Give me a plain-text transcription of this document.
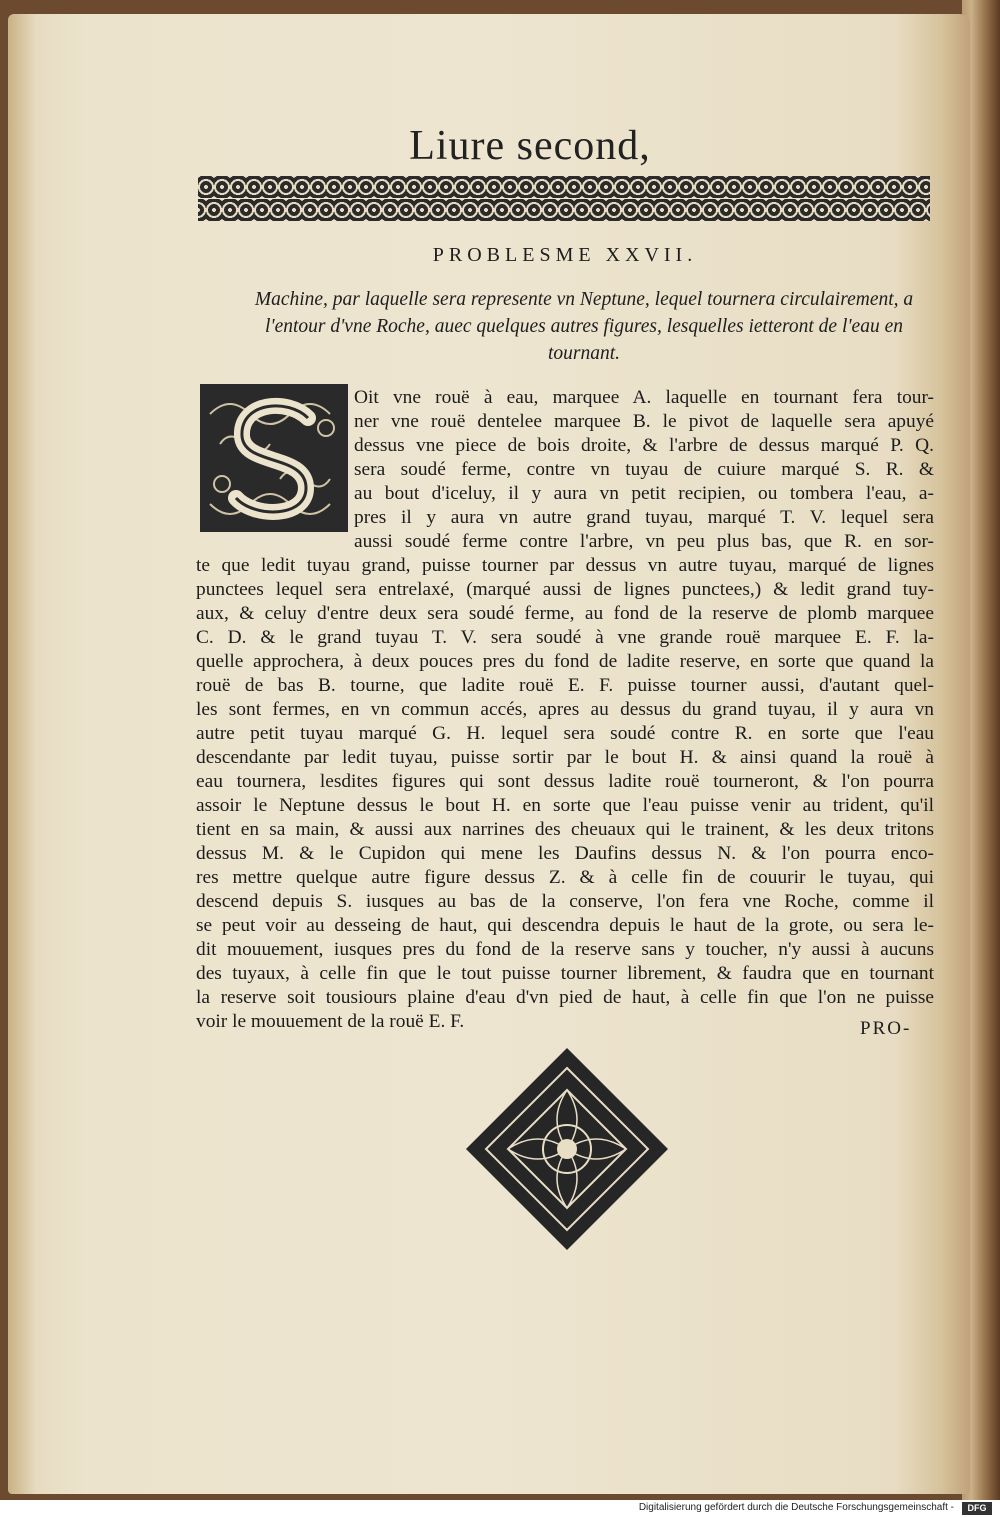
Liure second,
PROBLESME XXVII.
Machine, par laquelle sera represente vn Neptune, lequel tournera circulairement, a l'entour d'vne Roche, auec quelques autres figures, lesquelles ietteront de l'eau en tournant.
Oit vne rouë à eau, marquee A. laquelle en tournant fera tour-
ner vne rouë dentelee marquee B. le pivot de laquelle sera apuyé
dessus vne piece de bois droite, & l'arbre de dessus marqué P. Q.
sera soudé ferme, contre vn tuyau de cuiure marqué S. R. &
au bout d'iceluy, il y aura vn petit recipien, ou tombera l'eau, a-
pres il y aura vn autre grand tuyau, marqué T. V. lequel sera
aussi soudé ferme contre l'arbre, vn peu plus bas, que R. en sor-
te que ledit tuyau grand, puisse tourner par dessus vn autre tuyau, marqué de lignes
punctees lequel sera entrelaxé, (marqué aussi de lignes punctees,) & ledit grand tuy-
aux, & celuy d'entre deux sera soudé ferme, au fond de la reserve de plomb marquee
C. D. & le grand tuyau T. V. sera soudé à vne grande rouë marquee E. F. la-
quelle approchera, à deux pouces pres du fond de ladite reserve, en sorte que quand la
rouë de bas B. tourne, que ladite rouë E. F. puisse tourner aussi, d'autant quel-
les sont fermes, en vn commun accés, apres au dessus du grand tuyau, il y aura vn
autre petit tuyau marqué G. H. lequel sera soudé contre R. en sorte que l'eau
descendante par ledit tuyau, puisse sortir par le bout H. & ainsi quand la rouë à
eau tournera, lesdites figures qui sont dessus ladite rouë tourneront, & l'on pourra
assoir le Neptune dessus le bout H. en sorte que l'eau puisse venir au trident, qu'il
tient en sa main, & aussi aux narrines des cheuaux qui le trainent, & les deux tritons
dessus M. & le Cupidon qui mene les Daufins dessus N. & l'on pourra enco-
res mettre quelque autre figure dessus Z. & à celle fin de couurir le tuyau, qui
descend depuis S. iusques au bas de la conserve, l'on fera vne Roche, comme il
se peut voir au desseing de haut, qui descendra depuis le haut de la grote, ou sera le-
dit mouuement, iusques pres du fond de la reserve sans y toucher, n'y aussi à aucuns
des tuyaux, à celle fin que le tout puisse tourner librement, & faudra que en tournant
la reserve soit tousiours plaine d'eau d'vn pied de haut, à celle fin que l'on ne puisse
voir le mouuement de la rouë E. F.	PRO-
Digitalisierung gefördert durch die Deutsche Forschungsgemeinschaft -	DFG
